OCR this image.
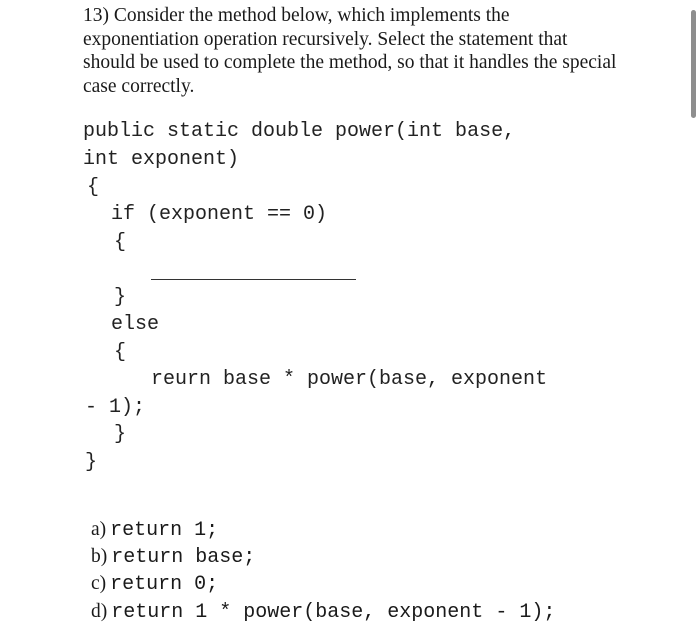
13) Consider the method below, which implements the exponentiation operation recursively. Select the statement that should be used to complete the method, so that it handles the special case correctly.

public static double power(int base,
int exponent)
{
if (exponent == 0)
{
}
else
{
reurn base * power(base, exponent
- 1);
}
}

a) return 1;

b) return base;

c) return 0;

d) return 1 * power(base, exponent - 1);
